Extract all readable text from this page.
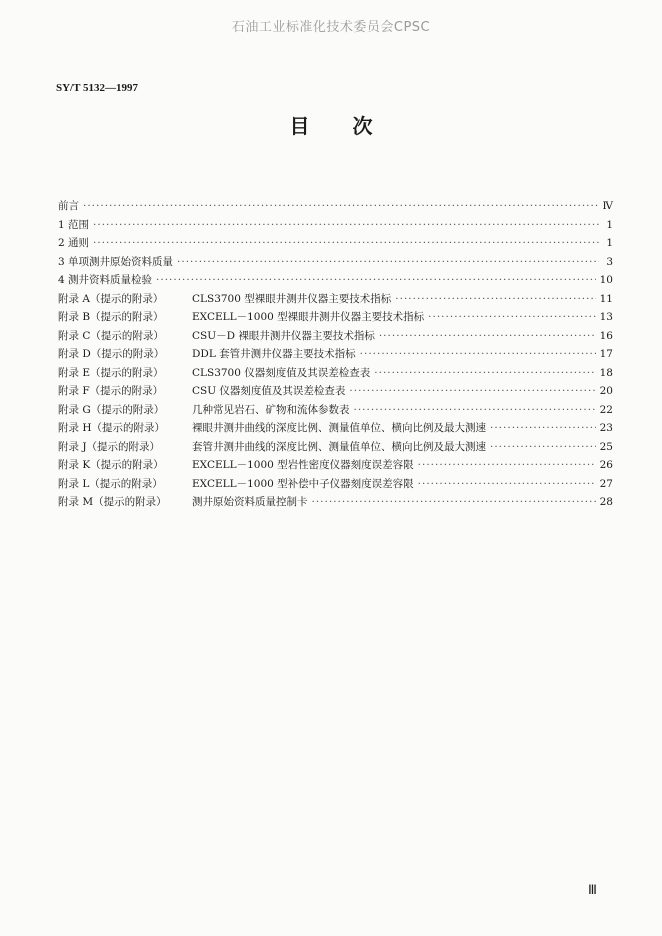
石油工业标准化技术委员会CPSC
SY/T 5132—1997
目 次
前言 ·····	Ⅳ
1 范围 ·····	1
2 通则 ·····	1
3 单项测井原始资料质量 ·····	3
4 测井资料质量检验 ·····	10
附录 A（提示的附录）	CLS3700 型裸眼井测井仪器主要技术指标 ·····	11
附录 B（提示的附录）	EXCELL－1000 型裸眼井测井仪器主要技术指标 ·····	13
附录 C（提示的附录）	CSU－D 裸眼井测井仪器主要技术指标 ·····	16
附录 D（提示的附录）	DDL 套管井测井仪器主要技术指标 ·····	17
附录 E（提示的附录）	CLS3700 仪器刻度值及其误差检查表 ·····	18
附录 F（提示的附录）	CSU 仪器刻度值及其误差检查表 ·····	20
附录 G（提示的附录）	几种常见岩石、矿物和流体参数表 ·····	22
附录 H（提示的附录）	裸眼井测井曲线的深度比例、测量值单位、横向比例及最大测速 ·····	23
附录 J（提示的附录）	套管井测井曲线的深度比例、测量值单位、横向比例及最大测速 ·····	25
附录 K（提示的附录）	EXCELL－1000 型岩性密度仪器刻度误差容限 ·····	26
附录 L（提示的附录）	EXCELL－1000 型补偿中子仪器刻度误差容限 ·····	27
附录 M（提示的附录）	测井原始资料质量控制卡 ·····	28
Ⅲ
